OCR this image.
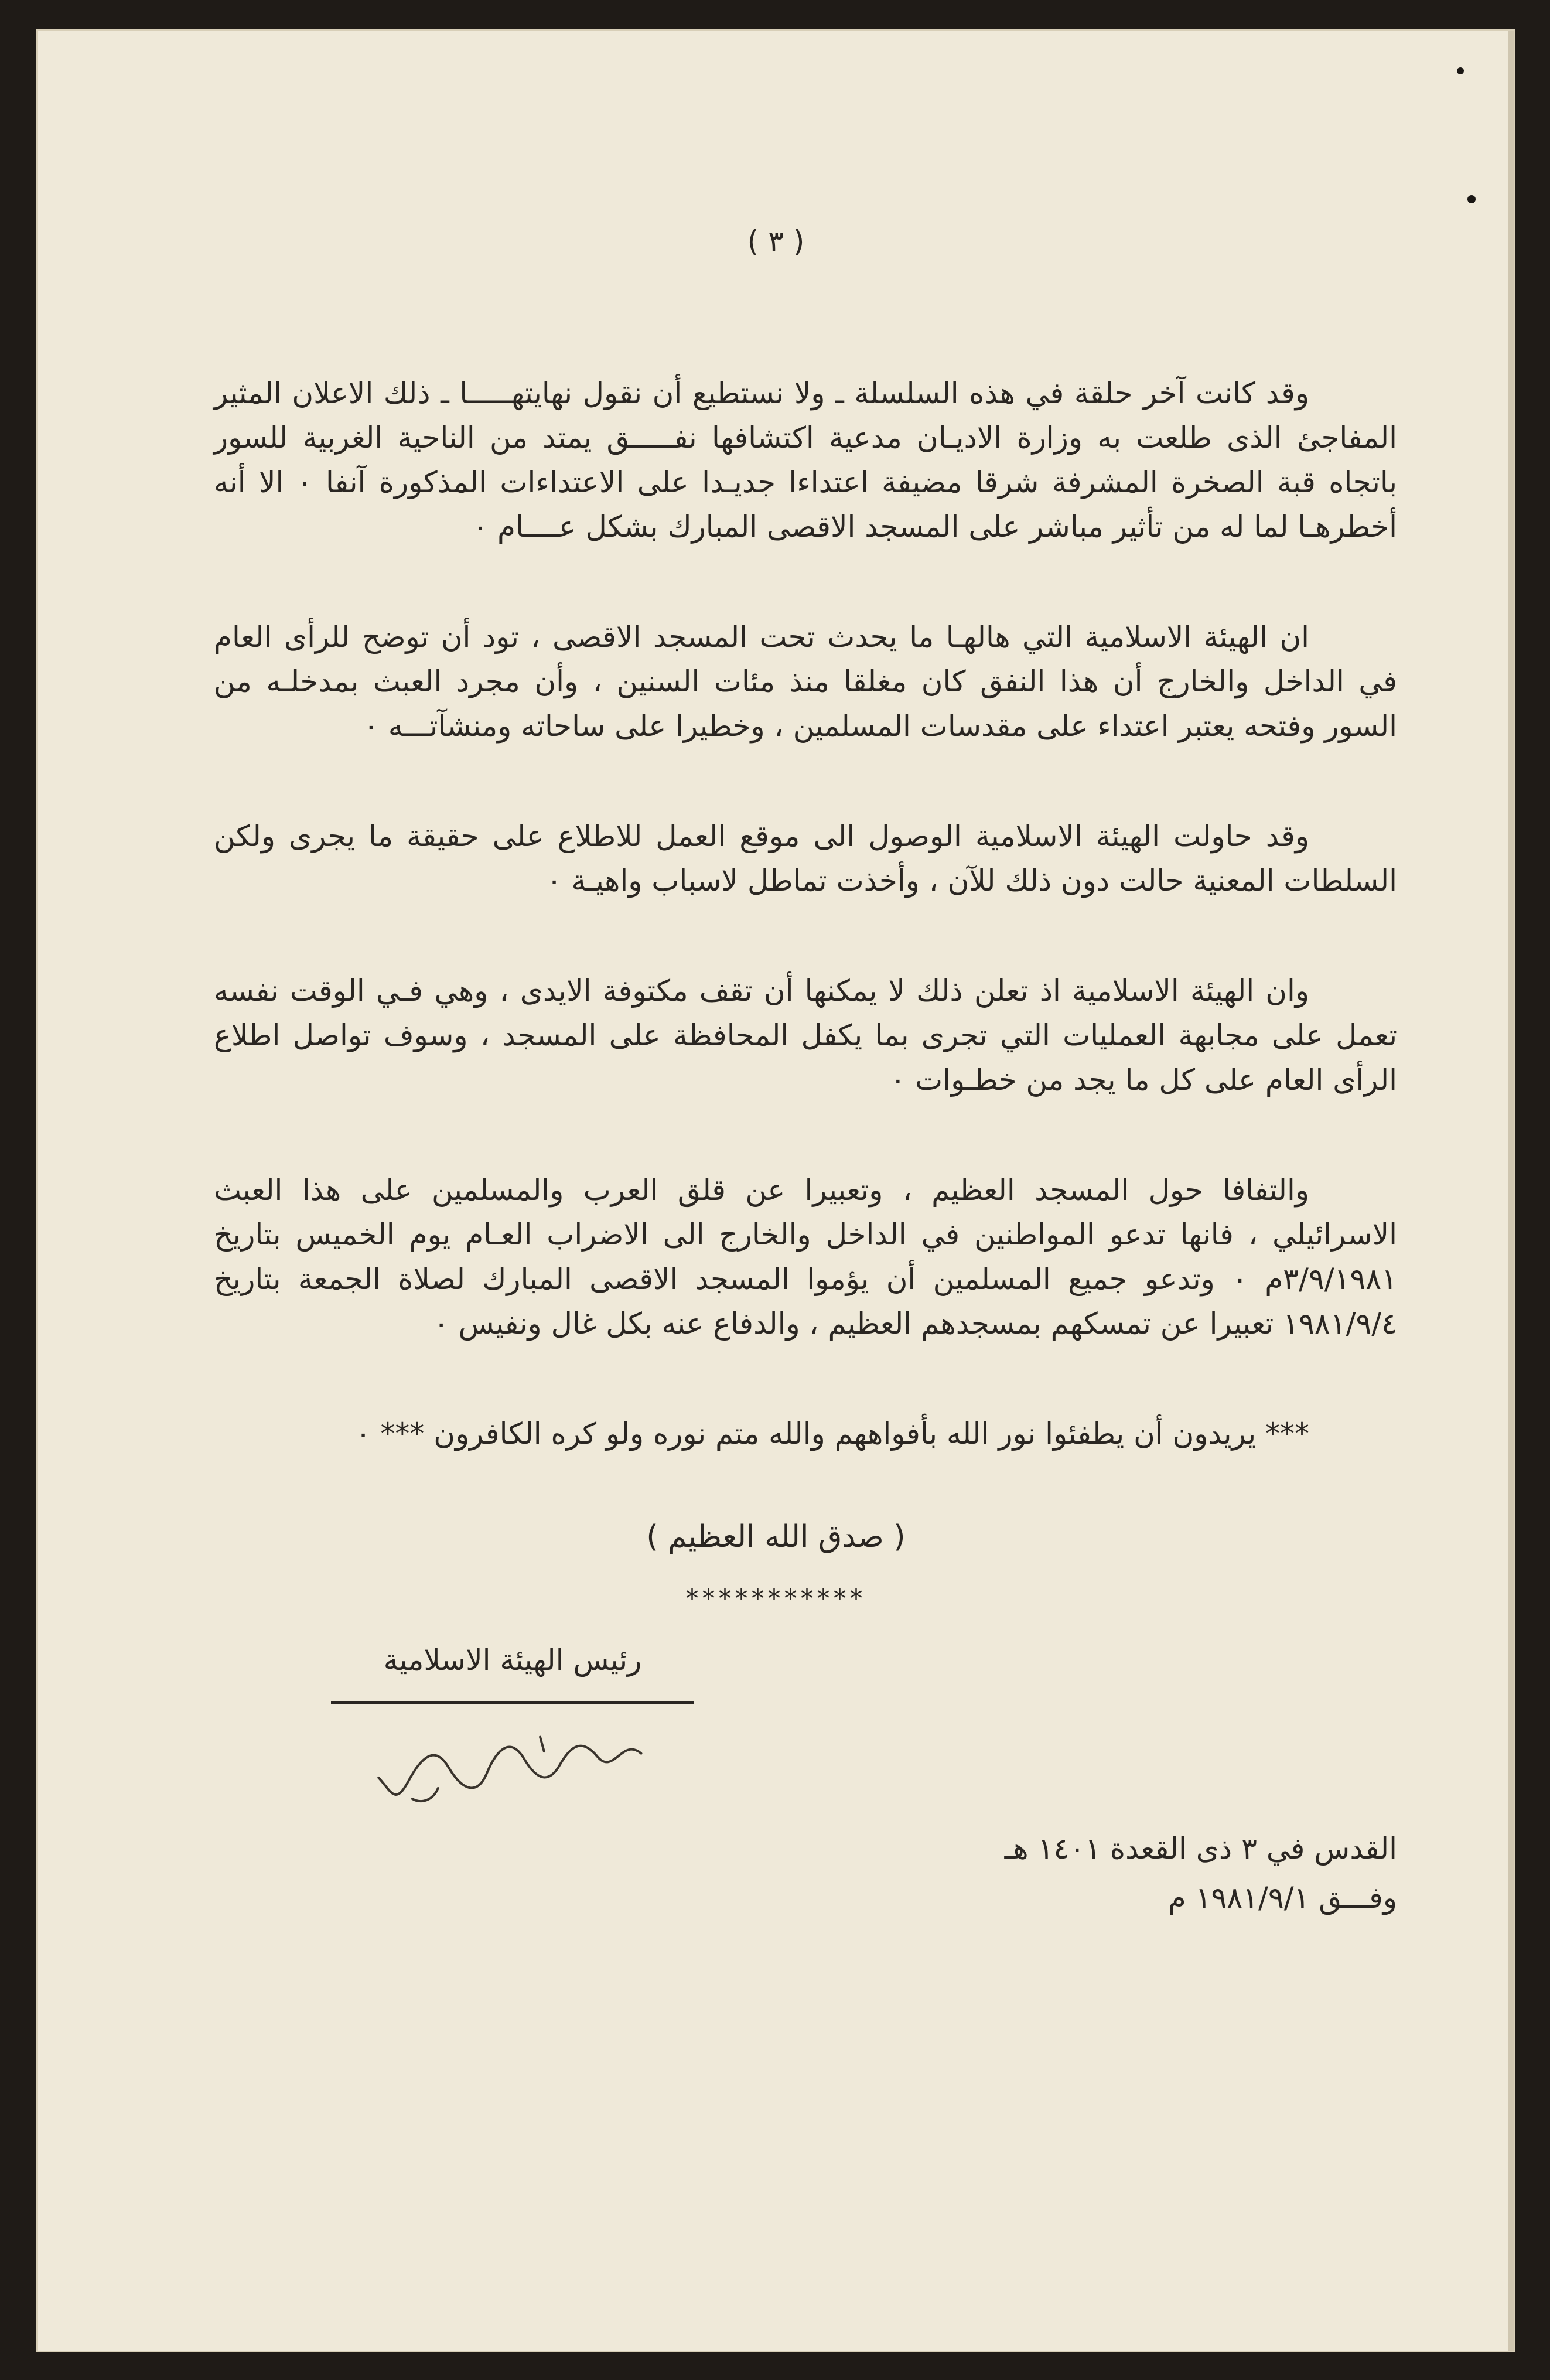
( ٣ )

وقد كانت آخر حلقة في هذه السلسلة ـ ولا نستطيع أن نقول نهايتهـــــا ـ ذلك الاعلان المثير المفاجئ الذى طلعت به وزارة الاديـان مدعية اكتشافها نفـــــق يمتد من الناحية الغربية للسور باتجاه قبة الصخرة المشرفة شرقا مضيفة اعتداءا جديـدا على الاعتداءات المذكورة آنفا ٠ الا أنه أخطرهـا لما له من تأثير مباشر على المسجد الاقصى المبارك بشكل عــــام ٠

ان الهيئة الاسلامية التي هالهـا ما يحدث تحت المسجد الاقصى ، تود أن توضح للرأى العام في الداخل والخارج أن هذا النفق كان مغلقا منذ مئات السنين ، وأن مجرد العبث بمدخلـه من السور وفتحه يعتبر اعتداء على مقدسات المسلمين ، وخطيرا على ساحاته ومنشآتـــه ٠

وقد حاولت الهيئة الاسلامية الوصول الى موقع العمل للاطلاع على حقيقة ما يجرى ولكن السلطات المعنية حالت دون ذلك للآن ، وأخذت تماطل لاسباب واهيـة ٠

وان الهيئة الاسلامية اذ تعلن ذلك لا يمكنها أن تقف مكتوفة الايدى ، وهي فـي الوقت نفسه تعمل على مجابهة العمليات التي تجرى بما يكفل المحافظة على المسجد ، وسوف تواصل اطلاع الرأى العام على كل ما يجد من خطـوات ٠

والتفافا حول المسجد العظيم ، وتعبيرا عن قلق العرب والمسلمين على هذا العبث الاسرائيلي ، فانها تدعو المواطنين في الداخل والخارج الى الاضراب العـام يوم الخميس بتاريخ ٣/٩/١٩٨١م ٠ وتدعو جميع المسلمين أن يؤموا المسجد الاقصى المبارك لصلاة الجمعة بتاريخ ١٩٨١/٩/٤ تعبيرا عن تمسكهم بمسجدهم العظيم ، والدفاع عنه بكل غال ونفيس ٠

*** يريدون أن يطفئوا نور الله بأفواههم والله متم نوره ولو كره الكافرون *** ٠

( صدق الله العظيم )
***********
رئيس الهيئة الاسلامية
القدس في ٣ ذى القعدة ١٤٠١ هـ
وفـــق ١٩٨١/٩/١ م
